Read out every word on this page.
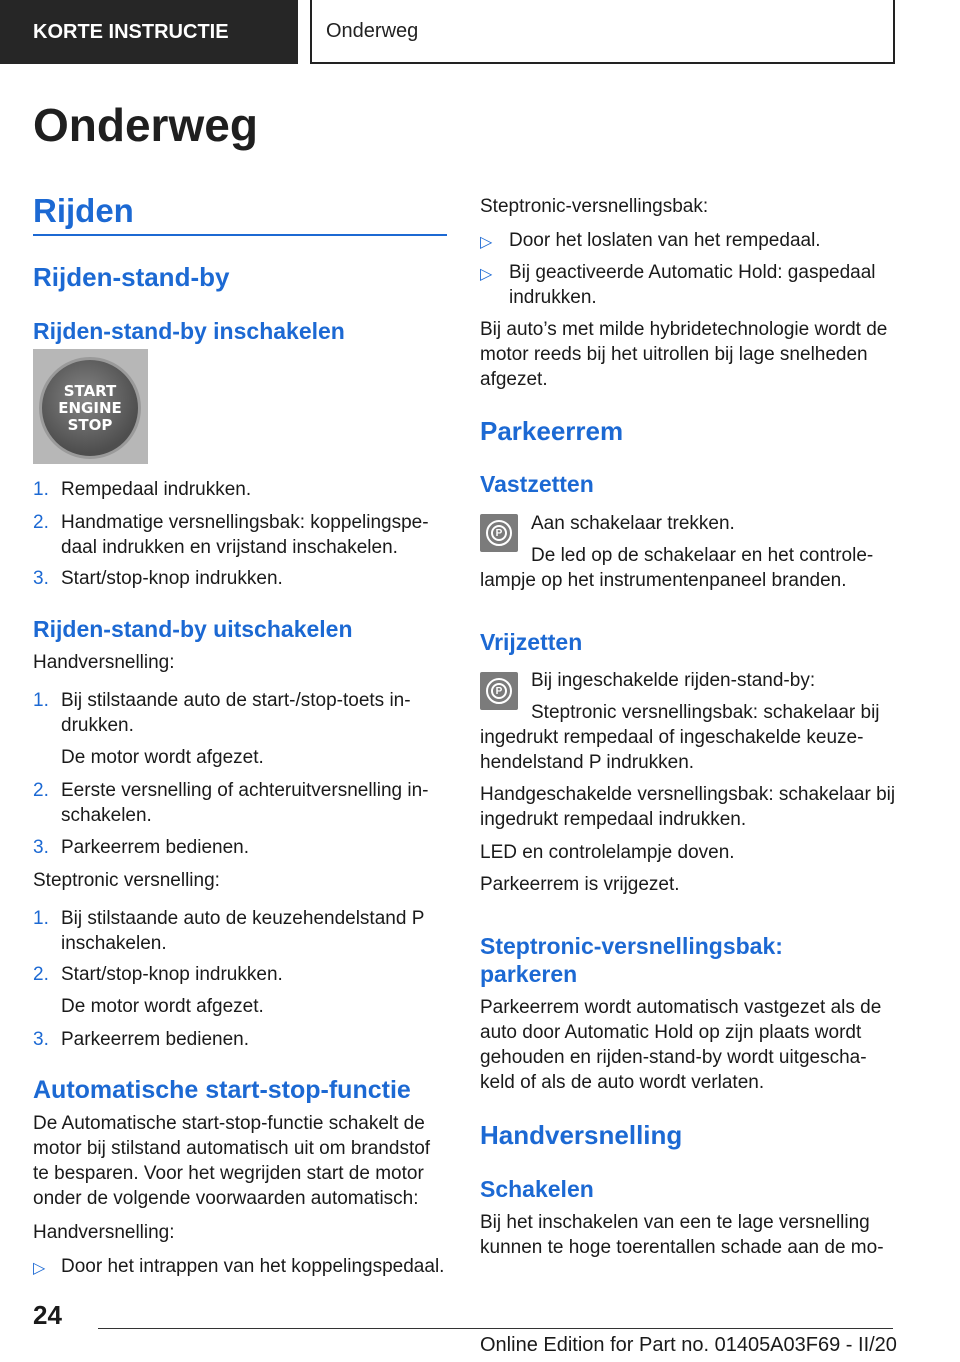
KORTE INSTRUCTIE	Onderweg
Onderweg
Rijden
Rijden-stand-by
Rijden-stand-by inschakelen
START
ENGINE
STOP
1. Rempedaal indrukken.
2. Handmatige versnellingsbak: koppelingspe-
daal indrukken en vrijstand inschakelen.
3. Start/stop-knop indrukken.
Rijden-stand-by uitschakelen
Handversnelling:
1. Bij stilstaande auto de start-/stop-toets in-
drukken.
De motor wordt afgezet.
2. Eerste versnelling of achteruitversnelling in-
schakelen.
3. Parkeerrem bedienen.
Steptronic versnelling:
1. Bij stilstaande auto de keuzehendelstand P
inschakelen.
2. Start/stop-knop indrukken.
De motor wordt afgezet.
3. Parkeerrem bedienen.
Automatische start-stop-functie
De Automatische start-stop-functie schakelt de
motor bij stilstand automatisch uit om brandstof
te besparen. Voor het wegrijden start de motor
onder de volgende voorwaarden automatisch:
Handversnelling:
▷ Door het intrappen van het koppelingspedaal.
Steptronic-versnellingsbak:
▷ Door het loslaten van het rempedaal.
▷ Bij geactiveerde Automatic Hold: gaspedaal
indrukken.
Bij auto’s met milde hybridetechnologie wordt de
motor reeds bij het uitrollen bij lage snelheden
afgezet.
Parkeerrem
Vastzetten
P Aan schakelaar trekken.
De led op de schakelaar en het controle-
lampje op het instrumentenpaneel branden.
Vrijzetten
P Bij ingeschakelde rijden-stand-by:
Steptronic versnellingsbak: schakelaar bij
ingedrukt rempedaal of ingeschakelde keuze-
hendelstand P indrukken.
Handgeschakelde versnellingsbak: schakelaar bij
ingedrukt rempedaal indrukken.
LED en controlelampje doven.
Parkeerrem is vrijgezet.
Steptronic-versnellingsbak:
parkeren
Parkeerrem wordt automatisch vastgezet als de
auto door Automatic Hold op zijn plaats wordt
gehouden en rijden-stand-by wordt uitgescha-
keld of als de auto wordt verlaten.
Handversnelling
Schakelen
Bij het inschakelen van een te lage versnelling
kunnen te hoge toerentallen schade aan de mo-
24
Online Edition for Part no. 01405A03F69 - II/20
